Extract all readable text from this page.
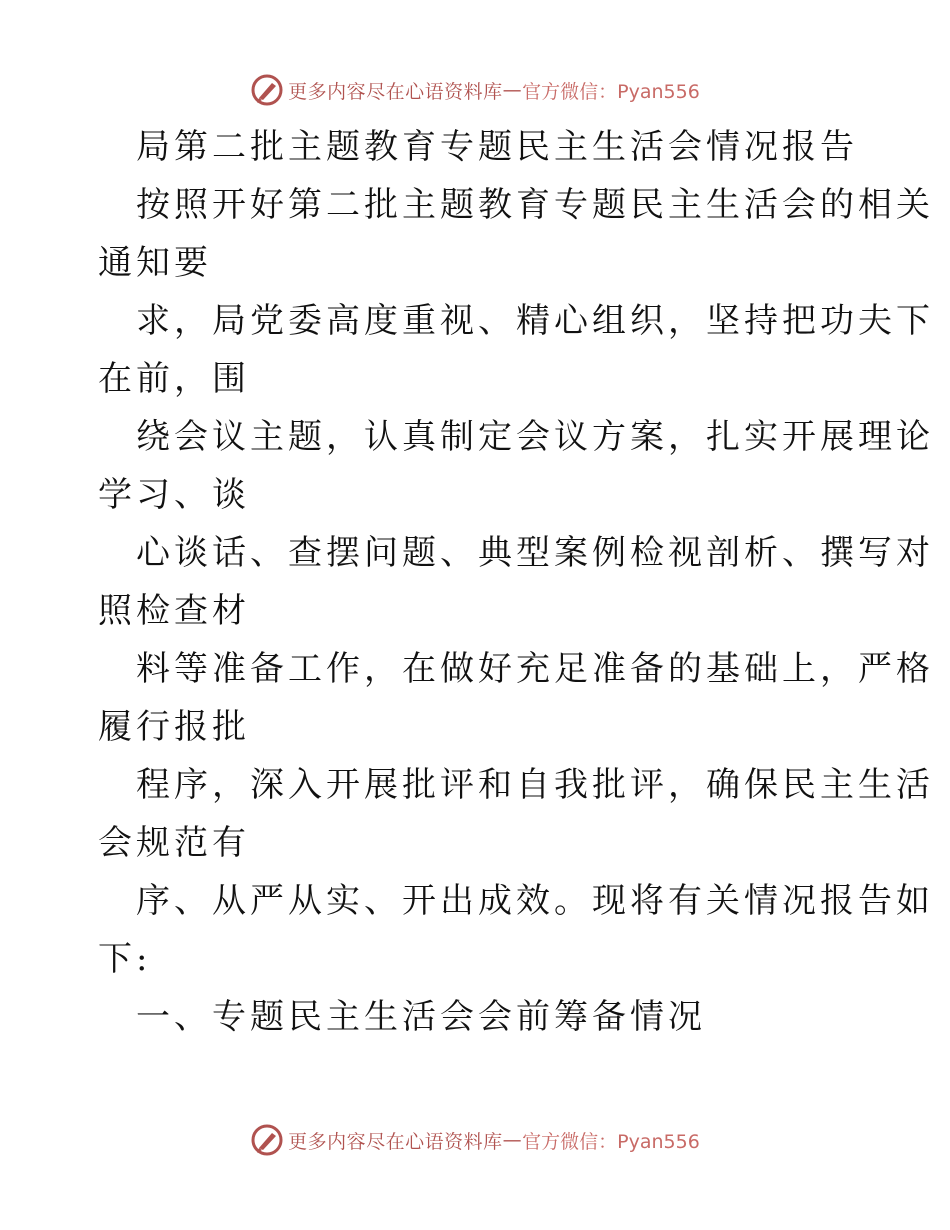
更多内容尽在心语资料库 — 官方微信：Pyan556
局第二批主题教育专题民主生活会情况报告
按照开好第二批主题教育专题民主生活会的相关
通知要
求，局党委高度重视、精心组织，坚持把功夫下
在前，围
绕会议主题，认真制定会议方案，扎实开展理论
学习、谈
心谈话、查摆问题、典型案例检视剖析、撰写对
照检查材
料等准备工作，在做好充足准备的基础上，严格
履行报批
程序，深入开展批评和自我批评，确保民主生活
会规范有
序、从严从实、开出成效。现将有关情况报告如
下:
一、专题民主生活会会前筹备情况
更多内容尽在心语资料库 — 官方微信：Pyan556
